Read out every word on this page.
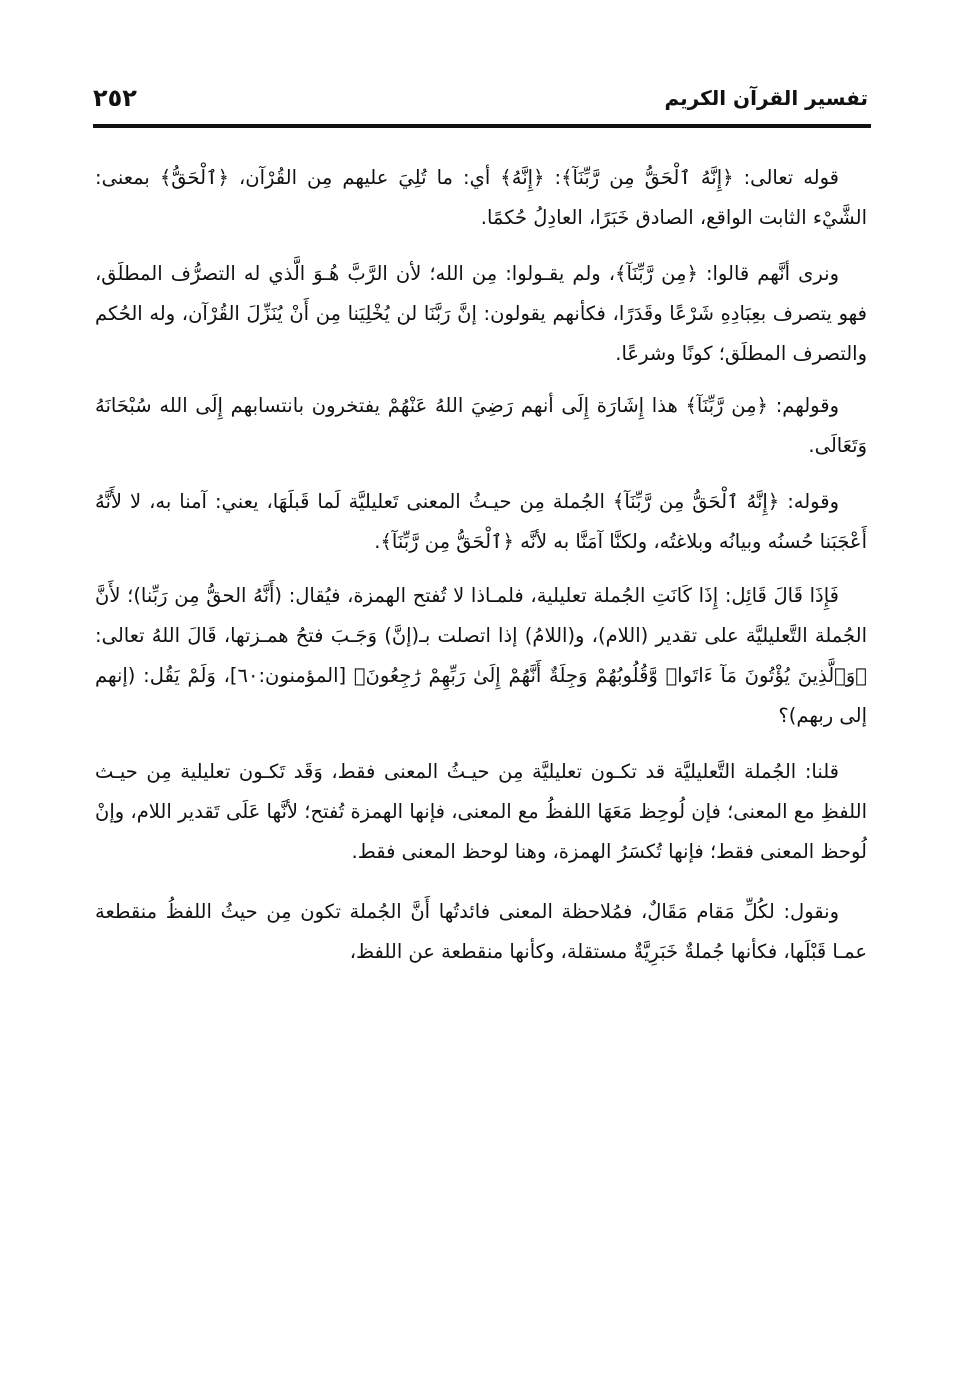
٢٥٢	تفسير القرآن الكريم

قوله تعالى: ﴿إِنَّهُ ٱلْحَقُّ مِن رَّبِّنَآ﴾: ﴿إِنَّهُ﴾ أي: ما تُلِيَ عليهم مِن القُرْآن، ﴿ٱلْحَقُّ﴾ بمعنى: الشَّيْء الثابت الواقع، الصادق خَبَرًا، العادِلُ حُكمًا.

ونرى أنَّهم قالوا: ﴿مِن رَّبِّنَآ﴾، ولم يقـولوا: مِن الله؛ لأن الرَّبَّ هُـوَ الَّذي له التصرُّف المطلَق، فهو يتصرف بعِبَادِهِ شَرْعًا وقَدَرًا، فكأنهم يقولون: إنَّ رَبَّنَا لن يُخْلِيَنا مِن أَنْ يُنَزِّلَ القُرْآن، وله الحُكم والتصرف المطلَق؛ كونًا وشرعًا.

وقولهم: ﴿مِن رَّبِّنَآ﴾ هذا إِشَارَة إِلَى أنهم رَضِيَ اللهُ عَنْهُمْ يفتخرون بانتسابهم إِلَى الله سُبْحَانَهُ وَتَعَالَى.

وقوله: ﴿إِنَّهُ ٱلْحَقُّ مِن رَّبِّنَآ﴾ الجُملة مِن حيـثُ المعنى تَعليليَّة لَما قَبلَهَا، يعني: آمنا به، لا لأَنَّهُ أَعْجَبَنا حُسنُه وبيانُه وبلاغتُه، ولكنَّا آمَنَّا به لأنَّه ﴿ٱلْحَقُّ مِن رَّبِّنَآ﴾.

فَإِذَا قَالَ قَائِل: إِذَا كَانَتِ الجُملة تعليلية، فلمـاذا لا تُفتح الهمزة، فيُقال: (أَنَّهُ الحقُّ مِن رَبِّنا)؛ لأَنَّ الجُملة التَّعليليَّة على تقدير (اللام)، و(اللامُ) إذا اتصلت بـ(إنَّ) وَجَـبَ فتحُ همـزتها، قَالَ اللهُ تعالى: ﴿وَٱلَّذِينَ يُؤْتُونَ مَآ ءَاتَوا۟ وَّقُلُوبُهُمْ وَجِلَةٌ أَنَّهُمْ إِلَىٰ رَبِّهِمْ رَٰجِعُونَ﴾ [المؤمنون:٦٠]، وَلَمْ يَقُل: (إنهم إلى ربهم)؟

قلنا: الجُملة التَّعليليَّة قد تكـون تعليليَّة مِن حيـثُ المعنى فقط، وَقَد تَكـون تعليلية مِن حيـث اللفظِ مع المعنى؛ فإن لُوحِظ مَعَهَا اللفظُ مع المعنى، فإنها الهمزة تُفتح؛ لأنَّها عَلَى تَقدير اللام، وإنْ لُوحظ المعنى فقط؛ فإنها تُكسَرُ الهمزة، وهنا لوحظ المعنى فقط.

ونقول: لكُلِّ مَقام مَقَالٌ، فمُلاحظة المعنى فائدتُها أَنَّ الجُملة تكون مِن حيثُ اللفظُ منقطعة عمـا قَبْلَها، فكأنها جُملةٌ خَبَرِيَّةٌ مستقلة، وكأنها منقطعة عن اللفظ،
